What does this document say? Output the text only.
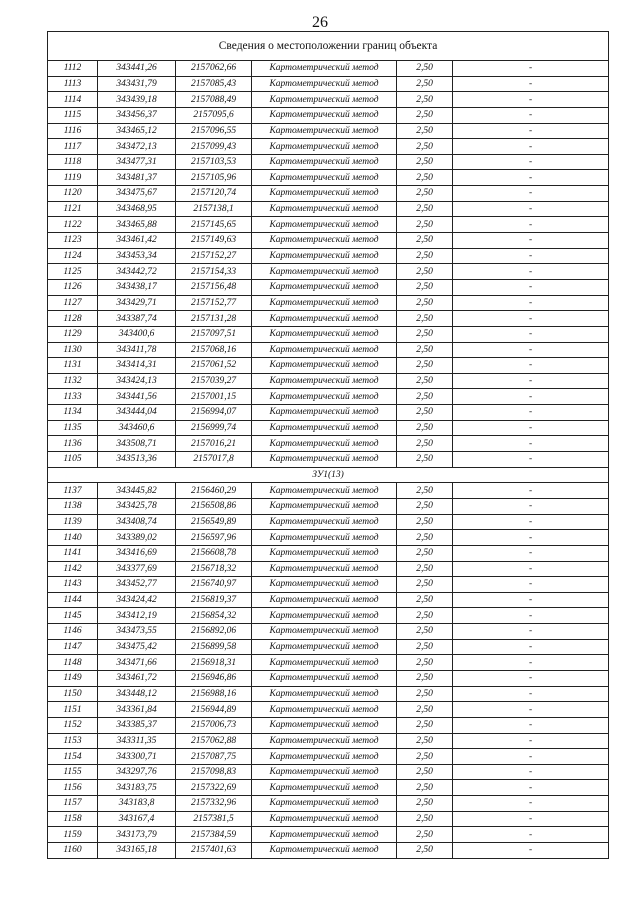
26
Сведения о местоположении границ объекта					
1112	343441,26	2157062,66	Картометрический метод	2,50	-
1113	343431,79	2157085,43	Картометрический метод	2,50	-
1114	343439,18	2157088,49	Картометрический метод	2,50	-
1115	343456,37	2157095,6	Картометрический метод	2,50	-
1116	343465,12	2157096,55	Картометрический метод	2,50	-
1117	343472,13	2157099,43	Картометрический метод	2,50	-
1118	343477,31	2157103,53	Картометрический метод	2,50	-
1119	343481,37	2157105,96	Картометрический метод	2,50	-
1120	343475,67	2157120,74	Картометрический метод	2,50	-
1121	343468,95	2157138,1	Картометрический метод	2,50	-
1122	343465,88	2157145,65	Картометрический метод	2,50	-
1123	343461,42	2157149,63	Картометрический метод	2,50	-
1124	343453,34	2157152,27	Картометрический метод	2,50	-
1125	343442,72	2157154,33	Картометрический метод	2,50	-
1126	343438,17	2157156,48	Картометрический метод	2,50	-
1127	343429,71	2157152,77	Картометрический метод	2,50	-
1128	343387,74	2157131,28	Картометрический метод	2,50	-
1129	343400,6	2157097,51	Картометрический метод	2,50	-
1130	343411,78	2157068,16	Картометрический метод	2,50	-
1131	343414,31	2157061,52	Картометрический метод	2,50	-
1132	343424,13	2157039,27	Картометрический метод	2,50	-
1133	343441,56	2157001,15	Картометрический метод	2,50	-
1134	343444,04	2156994,07	Картометрический метод	2,50	-
1135	343460,6	2156999,74	Картометрический метод	2,50	-
1136	343508,71	2157016,21	Картометрический метод	2,50	-
1105	343513,36	2157017,8	Картометрический метод	2,50	-
ЗУ1(13)					
1137	343445,82	2156460,29	Картометрический метод	2,50	-
1138	343425,78	2156508,86	Картометрический метод	2,50	-
1139	343408,74	2156549,89	Картометрический метод	2,50	-
1140	343389,02	2156597,96	Картометрический метод	2,50	-
1141	343416,69	2156608,78	Картометрический метод	2,50	-
1142	343377,69	2156718,32	Картометрический метод	2,50	-
1143	343452,77	2156740,97	Картометрический метод	2,50	-
1144	343424,42	2156819,37	Картометрический метод	2,50	-
1145	343412,19	2156854,32	Картометрический метод	2,50	-
1146	343473,55	2156892,06	Картометрический метод	2,50	-
1147	343475,42	2156899,58	Картометрический метод	2,50	-
1148	343471,66	2156918,31	Картометрический метод	2,50	-
1149	343461,72	2156946,86	Картометрический метод	2,50	-
1150	343448,12	2156988,16	Картометрический метод	2,50	-
1151	343361,84	2156944,89	Картометрический метод	2,50	-
1152	343385,37	2157006,73	Картометрический метод	2,50	-
1153	343311,35	2157062,88	Картометрический метод	2,50	-
1154	343300,71	2157087,75	Картометрический метод	2,50	-
1155	343297,76	2157098,83	Картометрический метод	2,50	-
1156	343183,75	2157322,69	Картометрический метод	2,50	-
1157	343183,8	2157332,96	Картометрический метод	2,50	-
1158	343167,4	2157381,5	Картометрический метод	2,50	-
1159	343173,79	2157384,59	Картометрический метод	2,50	-
1160	343165,18	2157401,63	Картометрический метод	2,50	-
